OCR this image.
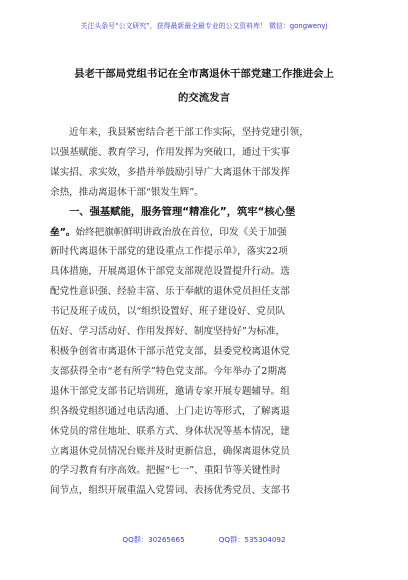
关注头条号“公文研究”，获得最新最全最专业的公文资料库！ 微信：gongwenyj
县老干部局党组书记在全市离退休干部党建工作推进会上
的交流发言
近年来，我县紧密结合老干部工作实际，坚持党建引领，
以强基赋能、教育学习，作用发挥为突破口，通过干实事
谋实招、求实效，多措并举鼓励引导广大离退休干部发挥
余热，推动离退休干部“银发生辉”。
一、强基赋能，服务管理“精准化”，筑牢“核心堡
垒”。始终把旗帜鲜明讲政治放在首位，印发《关于加强
新时代离退休干部党的建设重点工作提示单》，落实22项
具体措施，开展离退休干部党支部规范设置提升行动。选
配党性意识强、经验丰富、乐于奉献的退休党员担任支部
书记及班子成员，以“组织设置好、班子建设好、党员队
伍好、学习活动好、作用发挥好、制度坚持好”为标准，
积极争创省市离退休干部示范党支部，县委党校离退休党
支部获得全市“老有所学”特色党支部。今年举办了2期离
退休干部党支部书记培训班，邀请专家开展专题辅导。组
织各级党组织通过电话沟通、上门走访等形式，了解离退
休党员的常住地址、联系方式、身体状况等基本情况，建
立离退休党员情况台账并及时更新信息，确保离退休党员
的学习教育有序高效。把握“七一”、重阳节等关键性时
间节点，组织开展重温入党誓词、表扬优秀党员、支部书
QQ群：30265665	QQ群：535304092
